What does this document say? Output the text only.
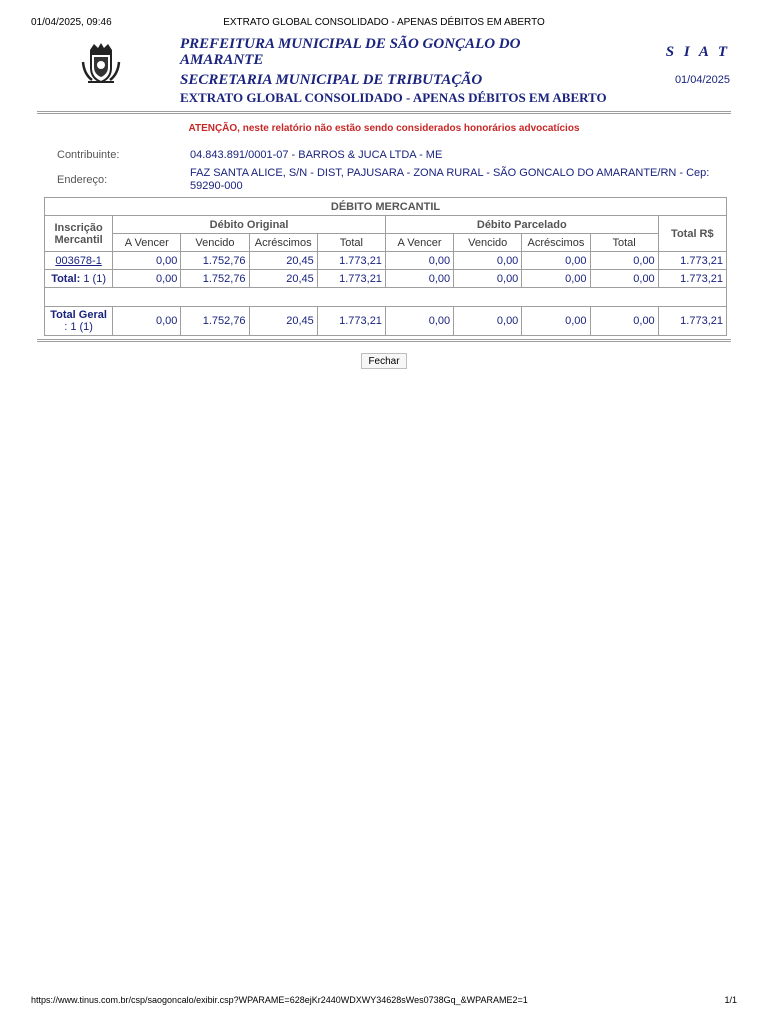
01/04/2025, 09:46	EXTRATO GLOBAL CONSOLIDADO - APENAS DÉBITOS EM ABERTO
PREFEITURA MUNICIPAL DE SÃO GONÇALO DO AMARANTE
SECRETARIA MUNICIPAL DE TRIBUTAÇÃO
EXTRATO GLOBAL CONSOLIDADO - APENAS DÉBITOS EM ABERTO
S I A T
01/04/2025
ATENÇÃO, neste relatório não estão sendo considerados honorários advocatícios
Contribuinte:	04.843.891/0001-07 - BARROS & JUCA LTDA - ME
Endereço:
FAZ SANTA ALICE, S/N - DIST, PAJUSARA - ZONA RURAL - SÃO GONCALO DO AMARANTE/RN - Cep: 59290-000
DÉBITO MERCANTIL									
Inscrição Mercantil	Débito Original				Débito Parcelado				Total R$
	A Vencer	Vencido	Acréscimos	Total	A Vencer	Vencido	Acréscimos	Total	
003678-1	0,00	1.752,76	20,45	1.773,21	0,00	0,00	0,00	0,00	1.773,21
Total: 1 (1)	0,00	1.752,76	20,45	1.773,21	0,00	0,00	0,00	0,00	1.773,21

Total Geral
: 1 (1)	0,00	1.752,76	20,45	1.773,21	0,00	0,00	0,00	0,00	1.773,21
Fechar
https://www.tinus.com.br/csp/saogoncalo/exibir.csp?WPARAME=628ejKr2440WDXWY34628sWes0738Gq_&WPARAME2=1	1/1
